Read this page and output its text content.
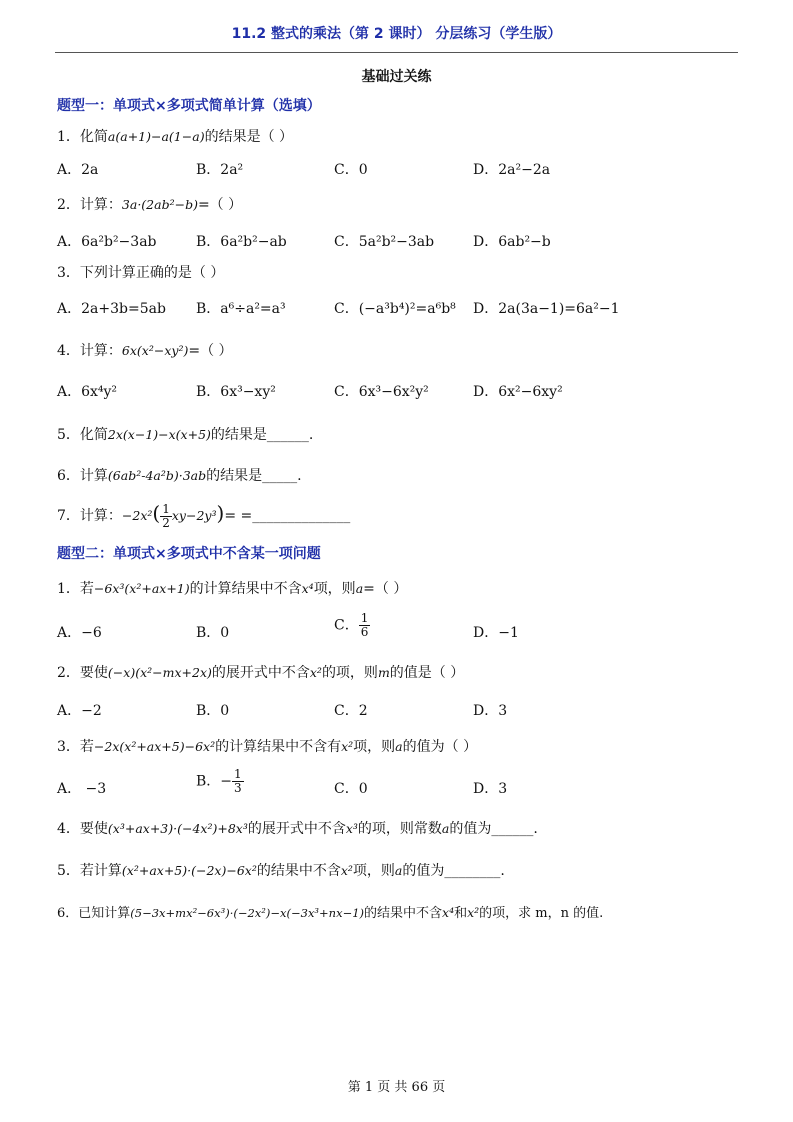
11.2 整式的乘法（第 2 课时） 分层练习（学生版）
基础过关练
题型一：单项式×多项式简单计算（选填）
1．化简a(a+1)−a(1−a)的结果是（ ）
A．2a	B．2a²	C．0	D．2a²−2a
2．计算：3a·(2ab²−b)=（ ）
A．6a²b²−3ab	B．6a²b²−ab	C．5a²b²−3ab	D．6ab²−b
3．下列计算正确的是（ ）
A．2a+3b=5ab B．a⁶÷a²=a³	C．(−a³b⁴)²=a⁶b⁸ D．2a(3a−1)=6a²−1
4．计算：6x(x²−xy²)=（ ）
A．6x⁴y²	B．6x³−xy²	C．6x³−6x²y²	D．6x²−6xy²
5．化简2x(x−1)−x(x+5)的结果是______.
6．计算(6ab²-4a²b)·3ab的结果是_____.
7．计算：$-2x^2( \frac{1}{2} xy-2y^3)=$ =______________
题型二：单项式×多项式中不含某一项问题
1．若−6x³(x²+ax+1)的计算结果中不含x⁴项，则a=（ ）
A．−6	B．0	C． $\frac{1}{6}$	D．−1
2．要使(−x)(x²−mx+2x)的展开式中不含x²的项，则m的值是（ ）
A．−2	B．0	C．2	D．3
3．若−2x(x²+ax+5)−6x²的计算结果中不含有x²项，则a的值为（ ）
A． −3	B．− $\frac{1}{3}$	C．0	D．3
4．要使(x³+ax+3)·(−4x²)+8x³的展开式中不含x³的项，则常数a的值为______.
5．若计算(x²+ax+5)·(−2x)−6x²的结果中不含x²项，则a的值为________.
6．已知计算(5−3x+mx²−6x³)·(−2x²)−x(−3x³+nx−1)的结果中不含x⁴和x²的项，求 m，n 的值.
第 1 页 共 66 页
